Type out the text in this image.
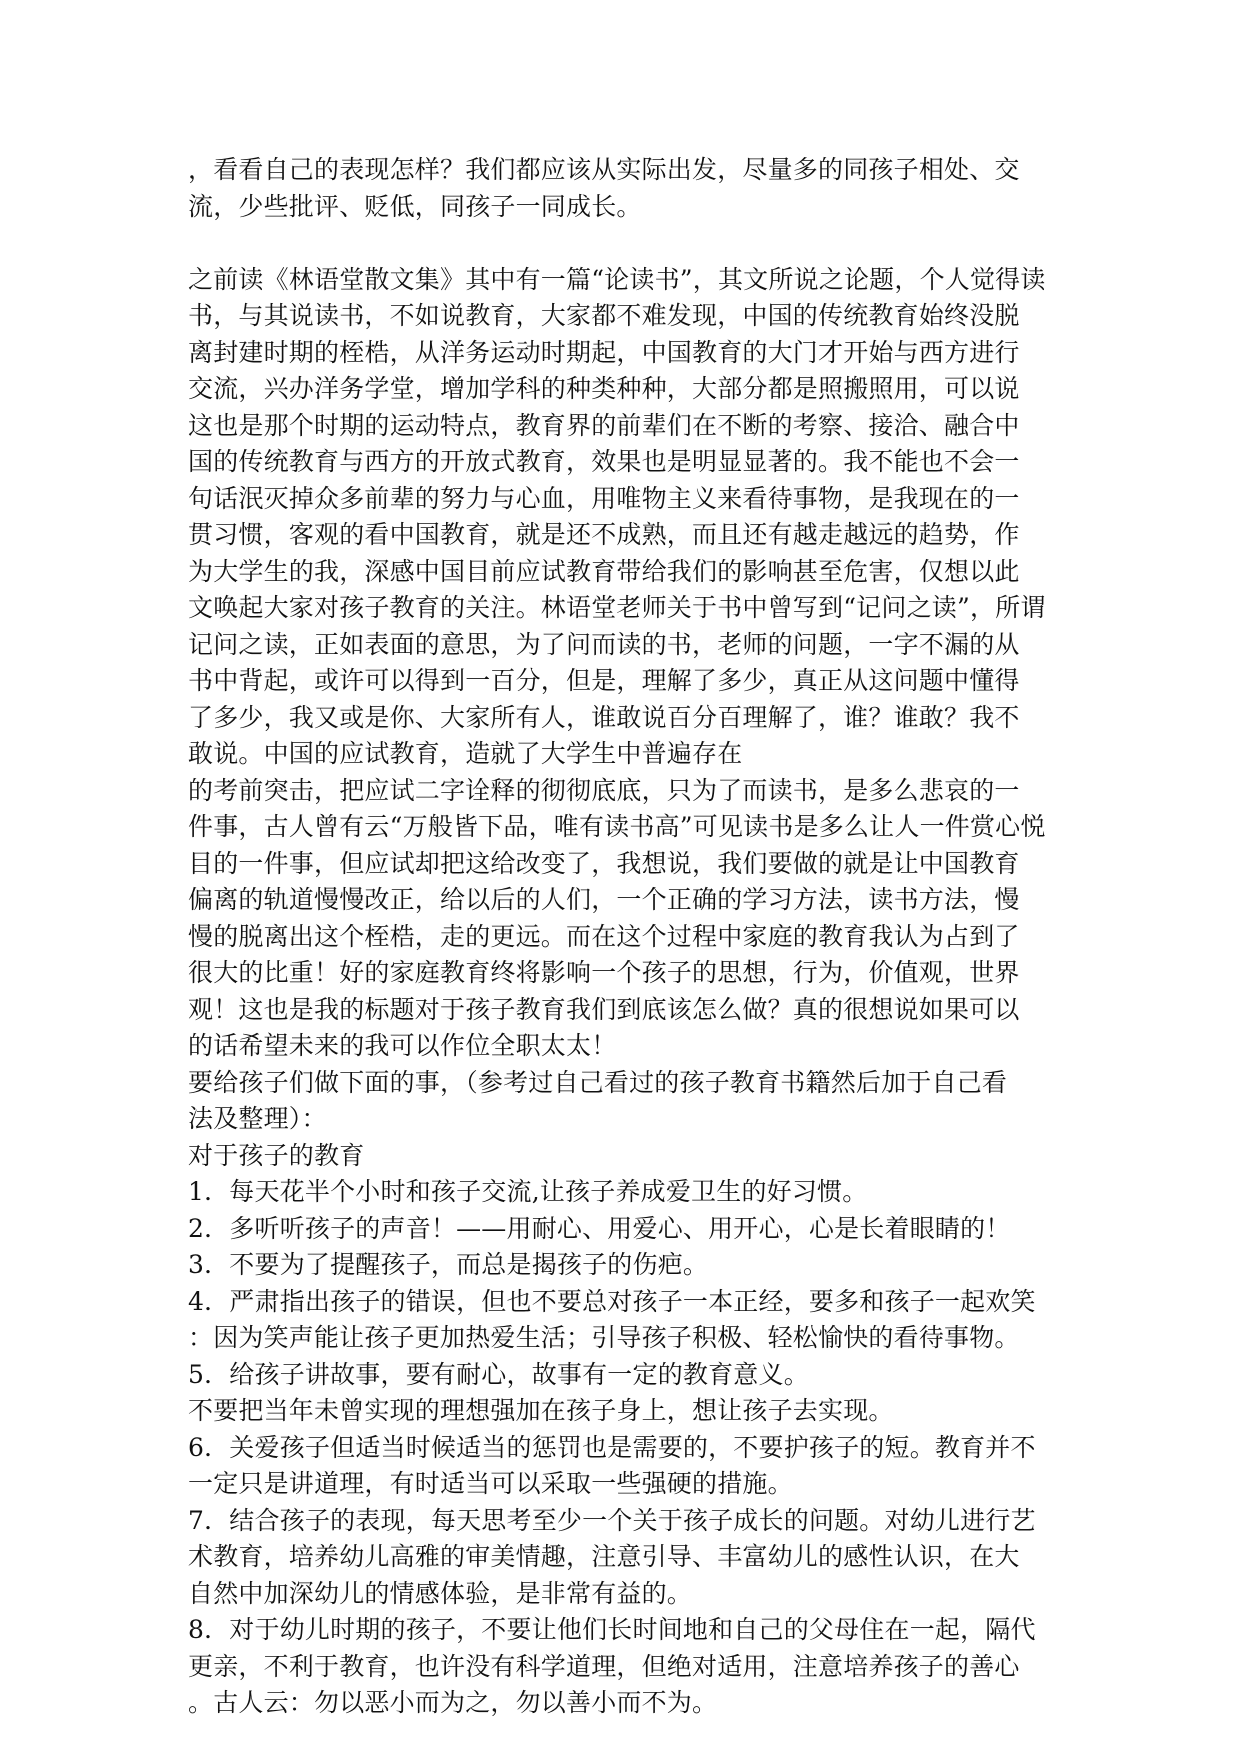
，看看自己的表现怎样？我们都应该从实际出发，尽量多的同孩子相处、交
流，少些批评、贬低，同孩子一同成长。
之前读《林语堂散文集》其中有一篇“论读书”，其文所说之论题，个人觉得读
书，与其说读书，不如说教育，大家都不难发现，中国的传统教育始终没脱
离封建时期的桎梏，从洋务运动时期起，中国教育的大门才开始与西方进行
交流，兴办洋务学堂，增加学科的种类种种，大部分都是照搬照用，可以说
这也是那个时期的运动特点，教育界的前辈们在不断的考察、接洽、融合中
国的传统教育与西方的开放式教育，效果也是明显显著的。我不能也不会一
句话泯灭掉众多前辈的努力与心血，用唯物主义来看待事物，是我现在的一
贯习惯，客观的看中国教育，就是还不成熟，而且还有越走越远的趋势，作
为大学生的我，深感中国目前应试教育带给我们的影响甚至危害，仅想以此
文唤起大家对孩子教育的关注。林语堂老师关于书中曾写到“记问之读”，所谓
记问之读，正如表面的意思，为了问而读的书，老师的问题，一字不漏的从
书中背起，或许可以得到一百分，但是，理解了多少，真正从这问题中懂得
了多少，我又或是你、大家所有人，谁敢说百分百理解了，谁？谁敢？我不
敢说。中国的应试教育，造就了大学生中普遍存在
的考前突击，把应试二字诠释的彻彻底底，只为了而读书，是多么悲哀的一
件事，古人曾有云“万般皆下品，唯有读书高”可见读书是多么让人一件赏心悦
目的一件事，但应试却把这给改变了，我想说，我们要做的就是让中国教育
偏离的轨道慢慢改正，给以后的人们，一个正确的学习方法，读书方法，慢
慢的脱离出这个桎梏，走的更远。而在这个过程中家庭的教育我认为占到了
很大的比重！好的家庭教育终将影响一个孩子的思想，行为，价值观，世界
观！这也是我的标题对于孩子教育我们到底该怎么做？真的很想说如果可以
的话希望未来的我可以作位全职太太！
要给孩子们做下面的事，（参考过自己看过的孩子教育书籍然后加于自己看
法及整理）：
对于孩子的教育
1．每天花半个小时和孩子交流,让孩子养成爱卫生的好习惯。
2．多听听孩子的声音！——用耐心、用爱心、用开心，心是长着眼睛的！
3．不要为了提醒孩子，而总是揭孩子的伤疤。
4．严肃指出孩子的错误，但也不要总对孩子一本正经，要多和孩子一起欢笑
：因为笑声能让孩子更加热爱生活；引导孩子积极、轻松愉快的看待事物。
5．给孩子讲故事，要有耐心，故事有一定的教育意义。
不要把当年未曾实现的理想强加在孩子身上，想让孩子去实现。
6．关爱孩子但适当时候适当的惩罚也是需要的，不要护孩子的短。教育并不
一定只是讲道理，有时适当可以采取一些强硬的措施。
7．结合孩子的表现，每天思考至少一个关于孩子成长的问题。对幼儿进行艺
术教育，培养幼儿高雅的审美情趣，注意引导、丰富幼儿的感性认识，在大
自然中加深幼儿的情感体验，是非常有益的。
8．对于幼儿时期的孩子，不要让他们长时间地和自己的父母住在一起，隔代
更亲，不利于教育，也许没有科学道理，但绝对适用，注意培养孩子的善心
。古人云：勿以恶小而为之，勿以善小而不为。
